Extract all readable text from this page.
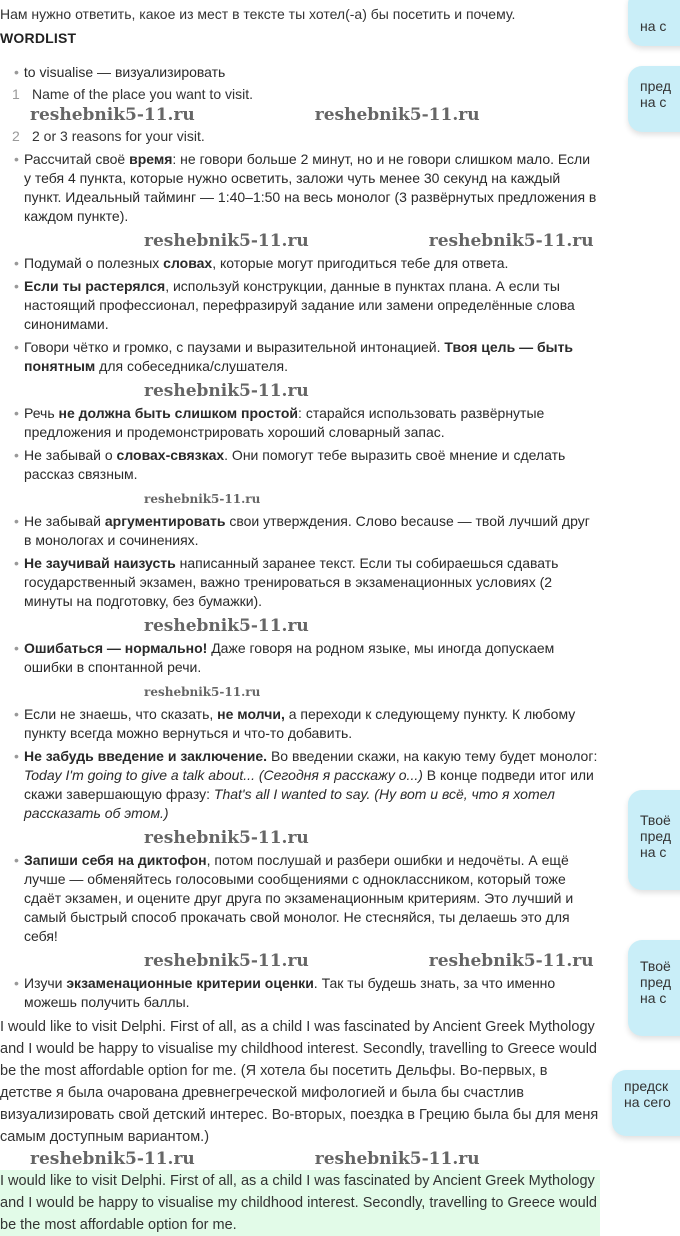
Нам нужно ответить, какое из мест в тексте ты хотел(-а) бы посетить и почему.
WORDLIST
• to visualise — визуализировать
1 Name of the place you want to visit.
reshebnik5-11.ru	reshebnik5-11.ru
2 2 or 3 reasons for your visit.
• Рассчитай своё время: не говори больше 2 минут, но и не говори слишком мало. Если у тебя 4 пункта, которые нужно осветить, заложи чуть менее 30 секунд на каждый пункт. Идеальный тайминг — 1:40–1:50 на весь монолог (3 развёрнутых предложения в каждом пункте).
reshebnik5-11.ru	reshebnik5-11.ru
• Подумай о полезных словах, которые могут пригодиться тебе для ответа.
• Если ты растерялся, используй конструкции, данные в пунктах плана. А если ты настоящий профессионал, перефразируй задание или замени определённые слова синонимами.
• Говори чётко и громко, с паузами и выразительной интонацией. Твоя цель — быть понятным для собеседника/слушателя.
reshebnik5-11.ru
• Речь не должна быть слишком простой: старайся использовать развёрнутые предложения и продемонстрировать хороший словарный запас.
• Не забывай о словах-связках. Они помогут тебе выразить своё мнение и сделать рассказ связным.
reshebnik5-11.ru
• Не забывай аргументировать свои утверждения. Слово because — твой лучший друг в монологах и сочинениях.
• Не заучивай наизусть написанный заранее текст. Если ты собираешься сдавать государственный экзамен, важно тренироваться в экзаменационных условиях (2 минуты на подготовку, без бумажки).
reshebnik5-11.ru
• Ошибаться — нормально! Даже говоря на родном языке, мы иногда допускаем ошибки в спонтанной речи.
reshebnik5-11.ru
• Если не знаешь, что сказать, не молчи, а переходи к следующему пункту. К любому пункту всегда можно вернуться и что-то добавить.
• Не забудь введение и заключение. Во введении скажи, на какую тему будет монолог: Today I'm going to give a talk about... (Сегодня я расскажу о...) В конце подведи итог или скажи завершающую фразу: That's all I wanted to say. (Ну вот и всё, что я хотел рассказать об этом.)
reshebnik5-11.ru
• Запиши себя на диктофон, потом послушай и разбери ошибки и недочёты. А ещё лучше — обменяйтесь голосовыми сообщениями с одноклассником, который тоже сдаёт экзамен, и оцените друг друга по экзаменационным критериям. Это лучший и самый быстрый способ прокачать свой монолог. Не стесняйся, ты делаешь это для себя!
reshebnik5-11.ru	reshebnik5-11.ru
• Изучи экзаменационные критерии оценки. Так ты будешь знать, за что именно можешь получить баллы.
I would like to visit Delphi. First of all, as a child I was fascinated by Ancient Greek Mythology and I would be happy to visualise my childhood interest. Secondly, travelling to Greece would be the most affordable option for me. (Я хотела бы посетить Дельфы. Во-первых, в детстве я была очарована древнегреческой мифологией и была бы счастлив визуализировать свой детский интерес. Во-вторых, поездка в Грецию была бы для меня самым доступным вариантом.)
reshebnik5-11.ru	reshebnik5-11.ru
I would like to visit Delphi. First of all, as a child I was fascinated by Ancient Greek Mythology and I would be happy to visualise my childhood interest. Secondly, travelling to Greece would be the most affordable option for me.
на с
пред
на с
Твоё
пред
на с
Твоё
пред
на с
предск
на сего
